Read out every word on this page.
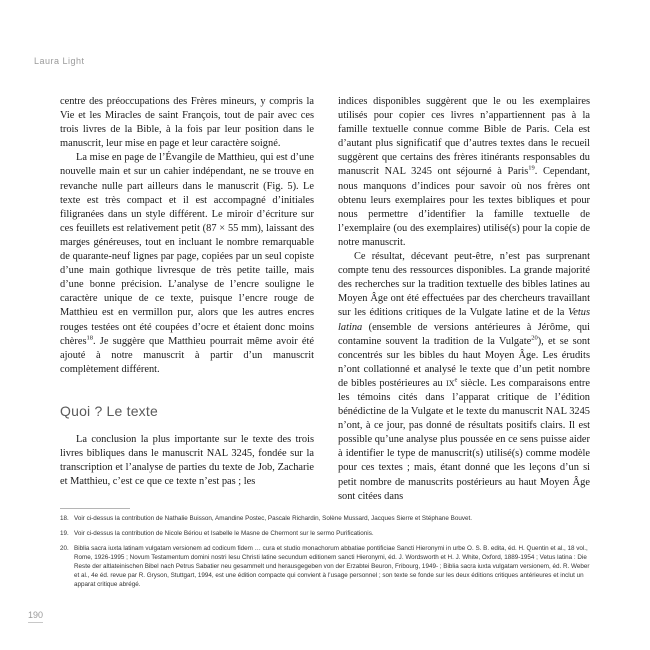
Laura Light

centre des préoccupations des Frères mineurs, y compris la Vie et les Miracles de saint François, tout de pair avec ces trois livres de la Bible, à la fois par leur position dans le manuscrit, leur mise en page et leur caractère soigné.

La mise en page de l’Évangile de Matthieu, qui est d’une nouvelle main et sur un cahier indépendant, ne se trouve en revanche nulle part ailleurs dans le manuscrit (Fig. 5). Le texte est très compact et il est accompagné d’initiales filigranées dans un style différent. Le miroir d’écriture sur ces feuillets est relativement petit (87 × 55 mm), laissant des marges généreuses, tout en incluant le nombre remarquable de quarante-neuf lignes par page, copiées par un seul copiste d’une main gothique livresque de très petite taille, mais d’une bonne précision. L’analyse de l’encre souligne le caractère unique de ce texte, puisque l’encre rouge de Matthieu est en vermillon pur, alors que les autres encres rouges testées ont été coupées d’ocre et étaient donc moins chères$^{18}$. Je suggère que Matthieu pourrait même avoir été ajouté à notre manuscrit à partir d’un manuscrit complètement différent.

Quoi ? Le texte

La conclusion la plus importante sur le texte des trois livres bibliques dans le manuscrit NAL 3245, fondée sur la transcription et l’analyse de parties du texte de Job, Zacharie et Matthieu, c’est ce que ce texte n’est pas ; les

indices disponibles suggèrent que le ou les exemplaires utilisés pour copier ces livres n’appartiennent pas à la famille textuelle connue comme Bible de Paris. Cela est d’autant plus significatif que d’autres textes dans le recueil suggèrent que certains des frères itinérants responsables du manuscrit NAL 3245 ont séjourné à Paris$^{19}$. Cependant, nous manquons d’indices pour savoir où nos frères ont obtenu leurs exemplaires pour les textes bibliques et pour nous permettre d’identifier la famille textuelle de l’exemplaire (ou des exemplaires) utilisé(s) pour la copie de notre manuscrit.

Ce résultat, décevant peut-être, n’est pas surprenant compte tenu des ressources disponibles. La grande majorité des recherches sur la tradition textuelle des bibles latines au Moyen Âge ont été effectuées par des chercheurs travaillant sur les éditions critiques de la Vulgate latine et de la Vetus latina (ensemble de versions antérieures à Jérôme, qui contamine souvent la tradition de la Vulgate$^{20}$), et se sont concentrés sur les bibles du haut Moyen Âge. Les érudits n’ont collationné et analysé le texte que d’un petit nombre de bibles postérieures au IXe siècle. Les comparaisons entre les témoins cités dans l’apparat critique de l’édition bénédictine de la Vulgate et le texte du manuscrit NAL 3245 n’ont, à ce jour, pas donné de résultats positifs clairs. Il est possible qu’une analyse plus poussée en ce sens puisse aider à identifier le type de manuscrit(s) utilisé(s) comme modèle pour ces textes ; mais, étant donné que les leçons d’un si petit nombre de manuscrits postérieurs au haut Moyen Âge sont citées dans

18. Voir ci-dessus la contribution de Nathalie Buisson, Amandine Postec, Pascale Richardin, Solène Mussard, Jacques Sierre et Stéphane Bouvet.
19. Voir ci-dessus la contribution de Nicole Bériou et Isabelle le Masne de Chermont sur le sermo Purificationis.
20. Biblia sacra iuxta latinam vulgatam versionem ad codicum fidem … cura et studio monachorum abbatiae pontificiae Sancti Hieronymi in urbe O. S. B. edita, éd. H. Quentin et al., 18 vol., Rome, 1926-1995 ; Novum Testamentum domini nostri Iesu Christi latine secundum editionem sancti Hieronymi, éd. J. Wordsworth et H. J. White, Oxford, 1889-1954 ; Vetus latina : Die Reste der altlateinischen Bibel nach Petrus Sabatier neu gesammelt und herausgegeben von der Erzabtei Beuron, Fribourg, 1949- ; Biblia sacra iuxta vulgatam versionem, éd. R. Weber et al., 4e éd. revue par R. Gryson, Stuttgart, 1994, est une édition compacte qui convient à l’usage personnel ; son texte se fonde sur les deux éditions critiques antérieures et inclut un apparat critique abrégé.
190
